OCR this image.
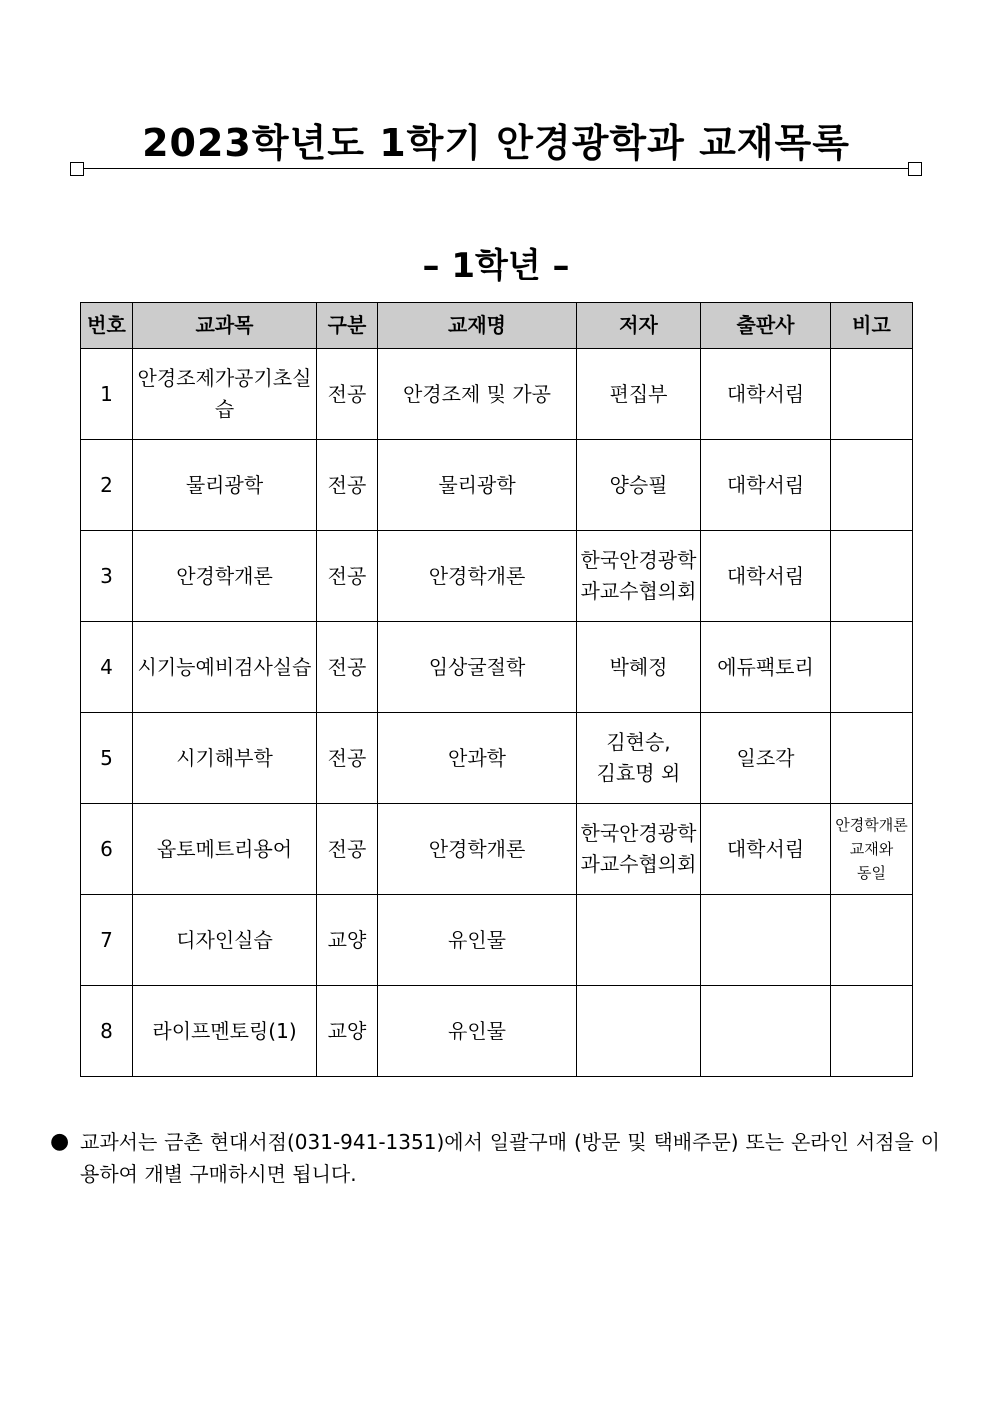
2023학년도 1학기 안경광학과 교재목록
– 1학년 –
번호	교과목	구분	교재명	저자	출판사	비고
1	안경조제가공기초실습	전공	안경조제 및 가공	편집부	대학서림	
2	물리광학	전공	물리광학	양승필	대학서림	
3	안경학개론	전공	안경학개론	한국안경광학과교수협의회	대학서림	
4	시기능예비검사실습	전공	임상굴절학	박혜정	에듀팩토리	
5	시기해부학	전공	안과학	김현승, 김효명 외	일조각	
6	옵토메트리용어	전공	안경학개론	한국안경광학과교수협의회	대학서림	안경학개론 교재와 동일
7	디자인실습	교양	유인물			
8	라이프멘토링(1)	교양	유인물			
● 교과서는 금촌 현대서점(031-941-1351)에서 일괄구매 (방문 및 택배주문) 또는 온라인 서점을 이용하여 개별 구매하시면 됩니다.
